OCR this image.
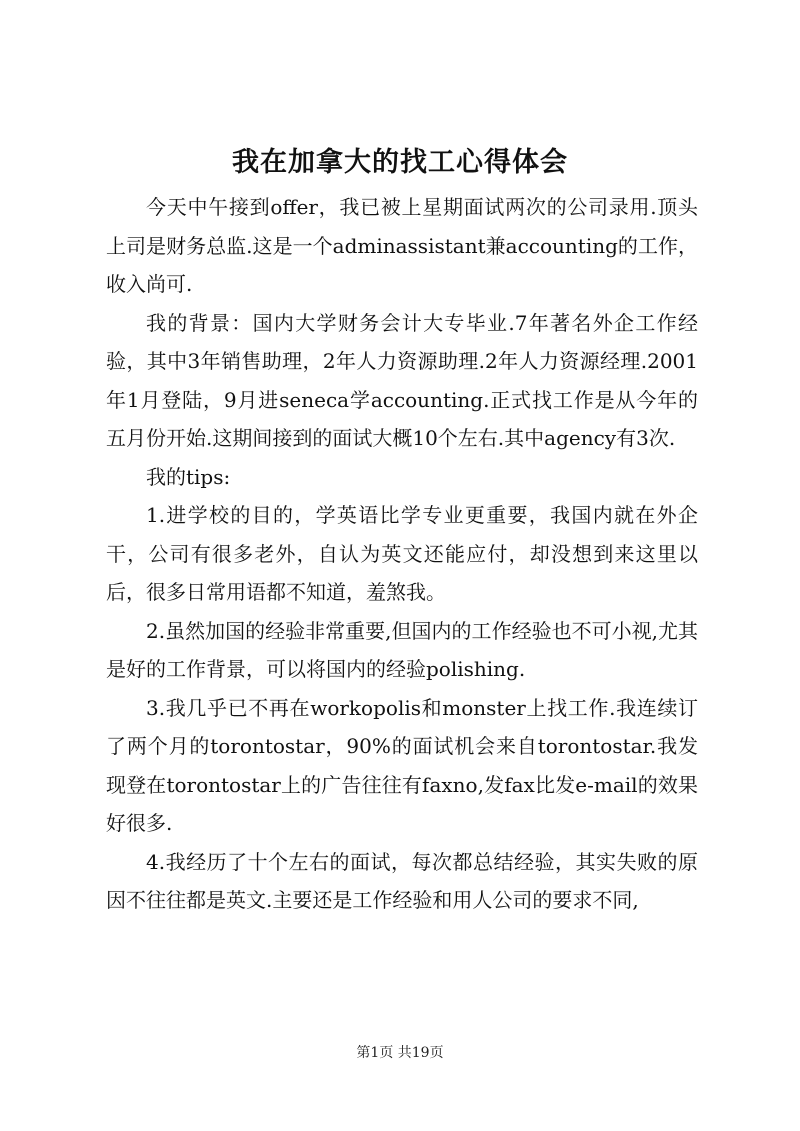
我在加拿大的找工心得体会

今天中午接到offer，我已被上星期面试两次的公司录用.顶头上司是财务总监.这是一个adminassistant兼accounting的工作，收入尚可.

我的背景：国内大学财务会计大专毕业.7年著名外企工作经验，其中3年销售助理，2年人力资源助理.2年人力资源经理.2001年1月登陆，9月进seneca学accounting.正式找工作是从今年的五月份开始.这期间接到的面试大概10个左右.其中agency有3次.

我的tips:

1.进学校的目的，学英语比学专业更重要，我国内就在外企干，公司有很多老外，自认为英文还能应付，却没想到来这里以后，很多日常用语都不知道，羞煞我。

2.虽然加国的经验非常重要,但国内的工作经验也不可小视,尤其是好的工作背景，可以将国内的经验polishing.

3.我几乎已不再在workopolis和monster上找工作.我连续订了两个月的torontostar，90%的面试机会来自torontostar.我发现登在torontostar上的广告往往有faxno,发fax比发e-mail的效果好很多.

4.我经历了十个左右的面试，每次都总结经验，其实失败的原因不往往都是英文.主要还是工作经验和用人公司的要求不同,

第1页 共19页
